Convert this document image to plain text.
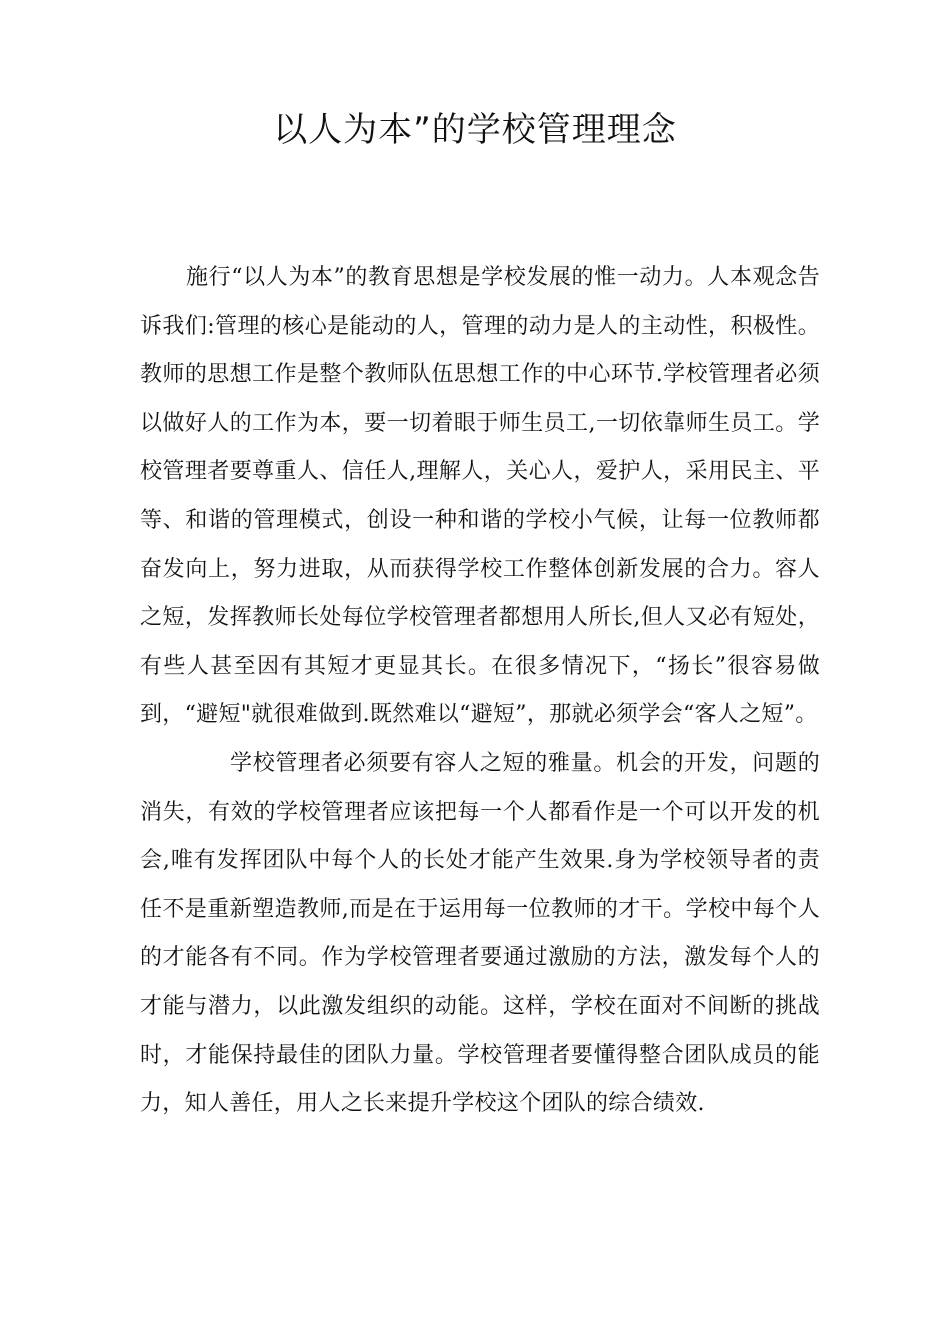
以人为本”的学校管理理念

施行“以人为本”的教育思想是学校发展的惟一动力。人本观念告诉我们:管理的核心是能动的人，管理的动力是人的主动性，积极性。教师的思想工作是整个教师队伍思想工作的中心环节.学校管理者必须以做好人的工作为本，要一切着眼于师生员工,一切依靠师生员工。学校管理者要尊重人、信任人,理解人，关心人，爱护人，采用民主、平等、和谐的管理模式，创设一种和谐的学校小气候，让每一位教师都奋发向上，努力进取，从而获得学校工作整体创新发展的合力。容人之短，发挥教师长处每位学校管理者都想用人所长,但人又必有短处，有些人甚至因有其短才更显其长。在很多情况下，“扬长”很容易做到，“避短"就很难做到.既然难以“避短”，那就必须学会“客人之短”。

学校管理者必须要有容人之短的雅量。机会的开发，问题的消失，有效的学校管理者应该把每一个人都看作是一个可以开发的机会,唯有发挥团队中每个人的长处才能产生效果.身为学校领导者的责任不是重新塑造教师,而是在于运用每一位教师的才干。学校中每个人的才能各有不同。作为学校管理者要通过激励的方法，激发每个人的才能与潜力，以此激发组织的动能。这样，学校在面对不间断的挑战时，才能保持最佳的团队力量。学校管理者要懂得整合团队成员的能力，知人善任，用人之长来提升学校这个团队的综合绩效.
